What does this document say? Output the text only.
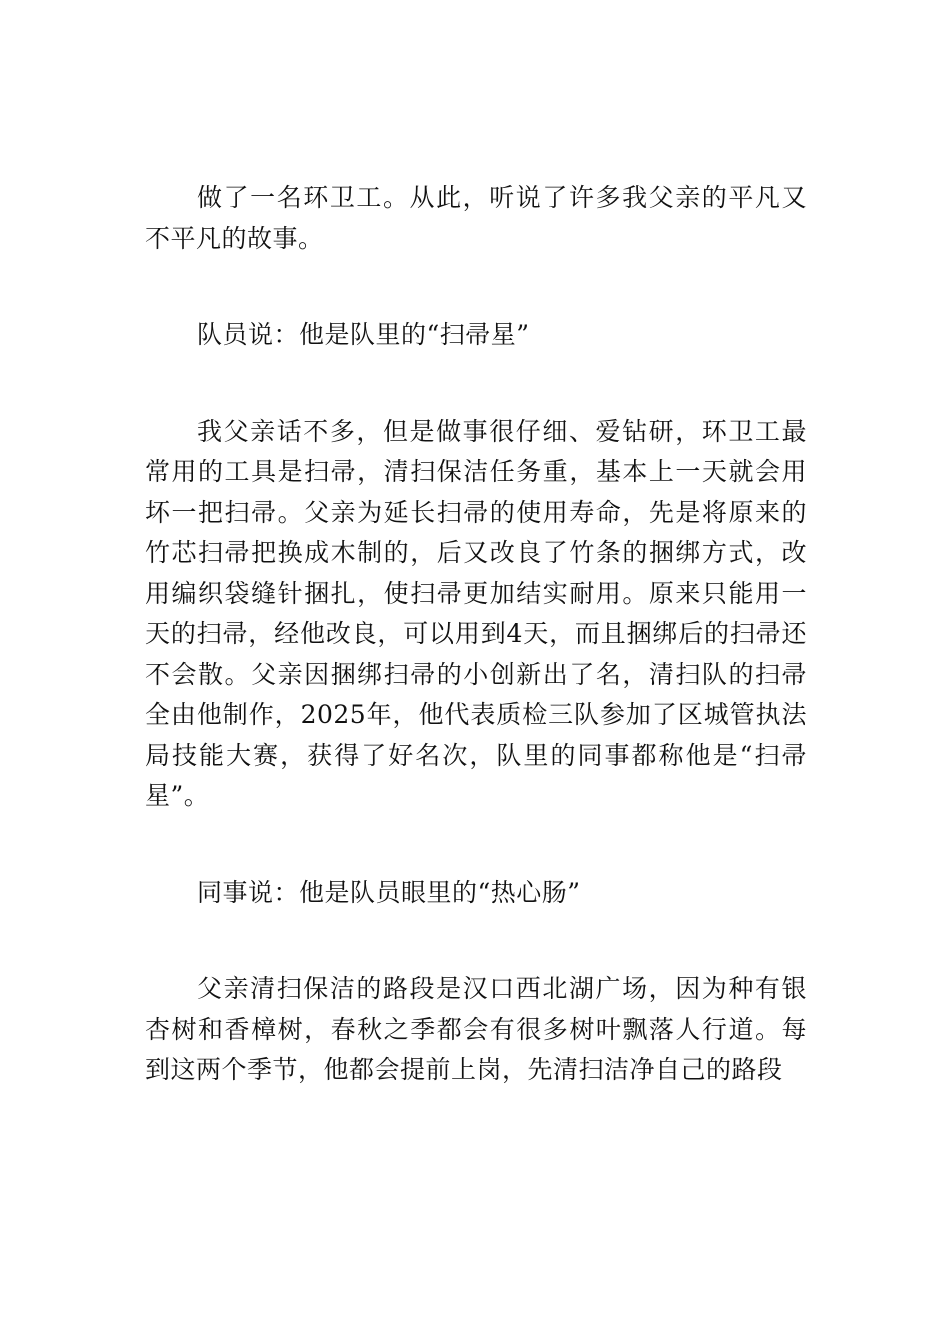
做了一名环卫工。从此，听说了许多我父亲的平凡又不平凡的故事。

队员说：他是队里的“扫帚星”

我父亲话不多，但是做事很仔细、爱钻研，环卫工最常用的工具是扫帚，清扫保洁任务重，基本上一天就会用坏一把扫帚。父亲为延长扫帚的使用寿命，先是将原来的竹芯扫帚把换成木制的，后又改良了竹条的捆绑方式，改用编织袋缝针捆扎，使扫帚更加结实耐用。原来只能用一天的扫帚，经他改良，可以用到4天，而且捆绑后的扫帚还不会散。父亲因捆绑扫帚的小创新出了名，清扫队的扫帚全由他制作，2025年，他代表质检三队参加了区城管执法局技能大赛，获得了好名次，队里的同事都称他是“扫帚星”。

同事说：他是队员眼里的“热心肠”

父亲清扫保洁的路段是汉口西北湖广场，因为种有银杏树和香樟树，春秋之季都会有很多树叶飘落人行道。每到这两个季节，他都会提前上岗，先清扫洁净自己的路段
